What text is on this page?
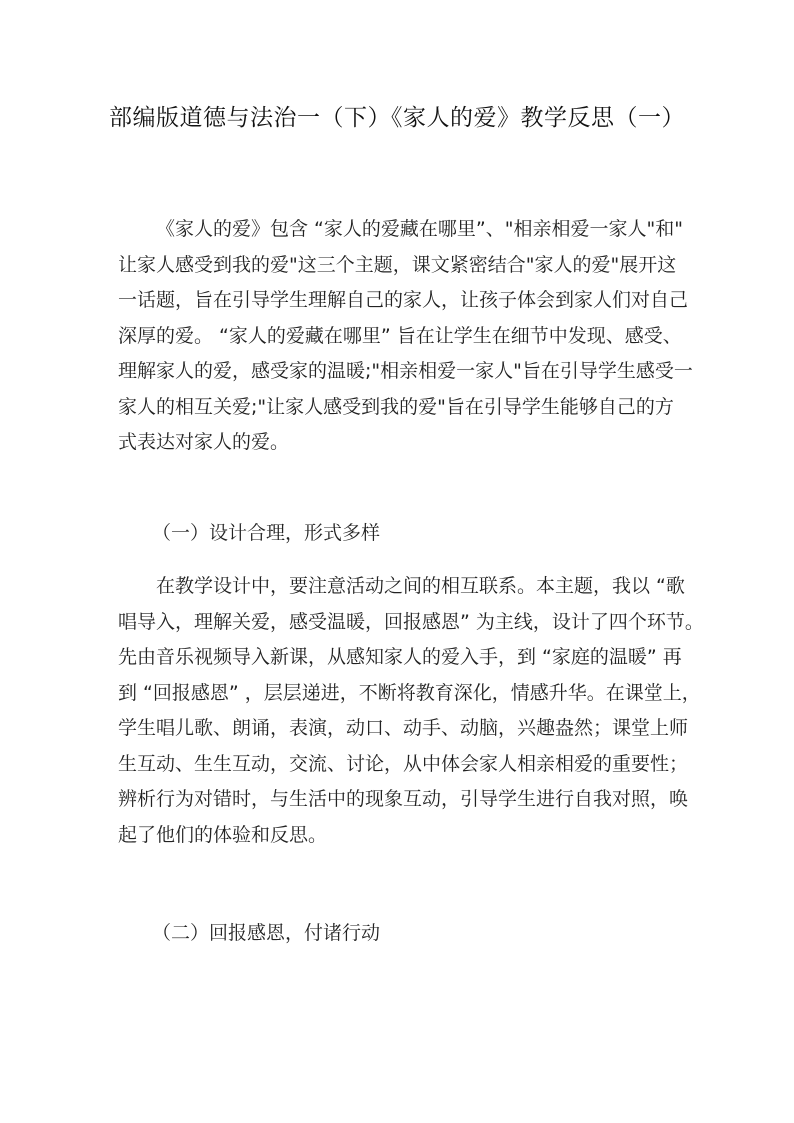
部编版道德与法治一（下）《家人的爱》教学反思（一）
《家人的爱》包含 “家人的爱藏在哪里”、"相亲相爱一家人"和"
让家人感受到我的爱"这三个主题，课文紧密结合"家人的爱"展开这
一话题，旨在引导学生理解自己的家人，让孩子体会到家人们对自己
深厚的爱。 “家人的爱藏在哪里” 旨在让学生在细节中发现、感受、
理解家人的爱，感受家的温暖;"相亲相爱一家人"旨在引导学生感受一
家人的相互关爱;"让家人感受到我的爱"旨在引导学生能够自己的方
式表达对家人的爱。
（一）设计合理，形式多样
在教学设计中，要注意活动之间的相互联系。本主题，我以 “歌
唱导入，理解关爱，感受温暖，回报感恩” 为主线，设计了四个环节。
先由音乐视频导入新课，从感知家人的爱入手，到 “家庭的温暖” 再
到 “回报感恩” ，层层递进，不断将教育深化，情感升华。在课堂上，
学生唱儿歌、朗诵，表演，动口、动手、动脑，兴趣盎然；课堂上师
生互动、生生互动，交流、讨论，从中体会家人相亲相爱的重要性；
辨析行为对错时，与生活中的现象互动，引导学生进行自我对照，唤
起了他们的体验和反思。
（二）回报感恩，付诸行动
